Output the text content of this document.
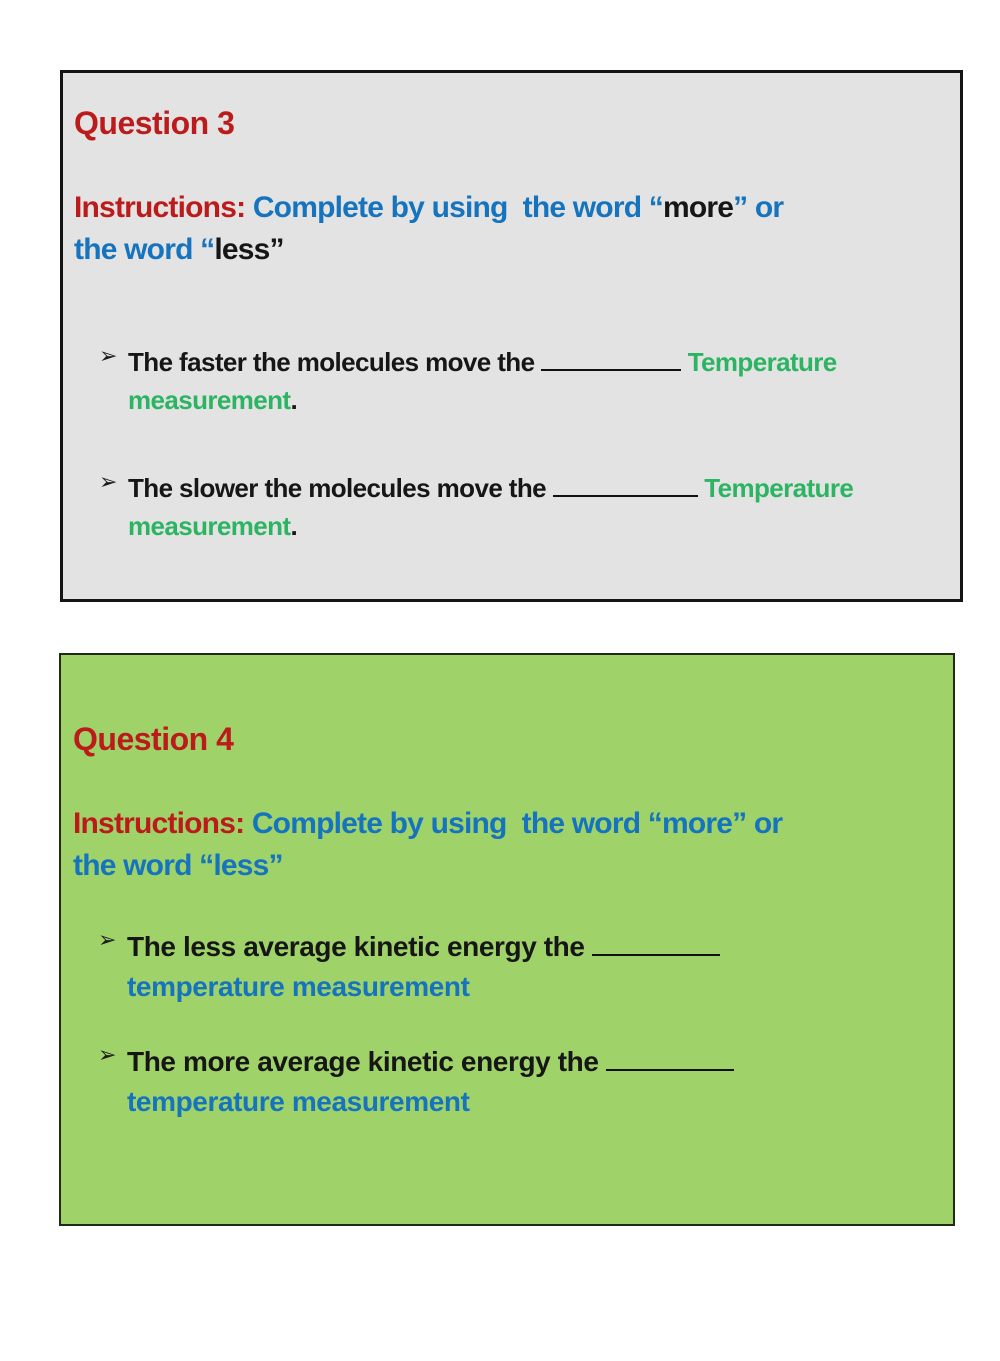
Question 3
Instructions: Complete by using  the word “more” or
the word “less”
➢ The faster the molecules move the	Temperature
measurement.
➢ The slower the molecules move the	Temperature
measurement.
Question 4
Instructions: Complete by using  the word “more” or
the word “less”
➢ The less average kinetic energy the
temperature measurement
➢ The more average kinetic energy the
temperature measurement
